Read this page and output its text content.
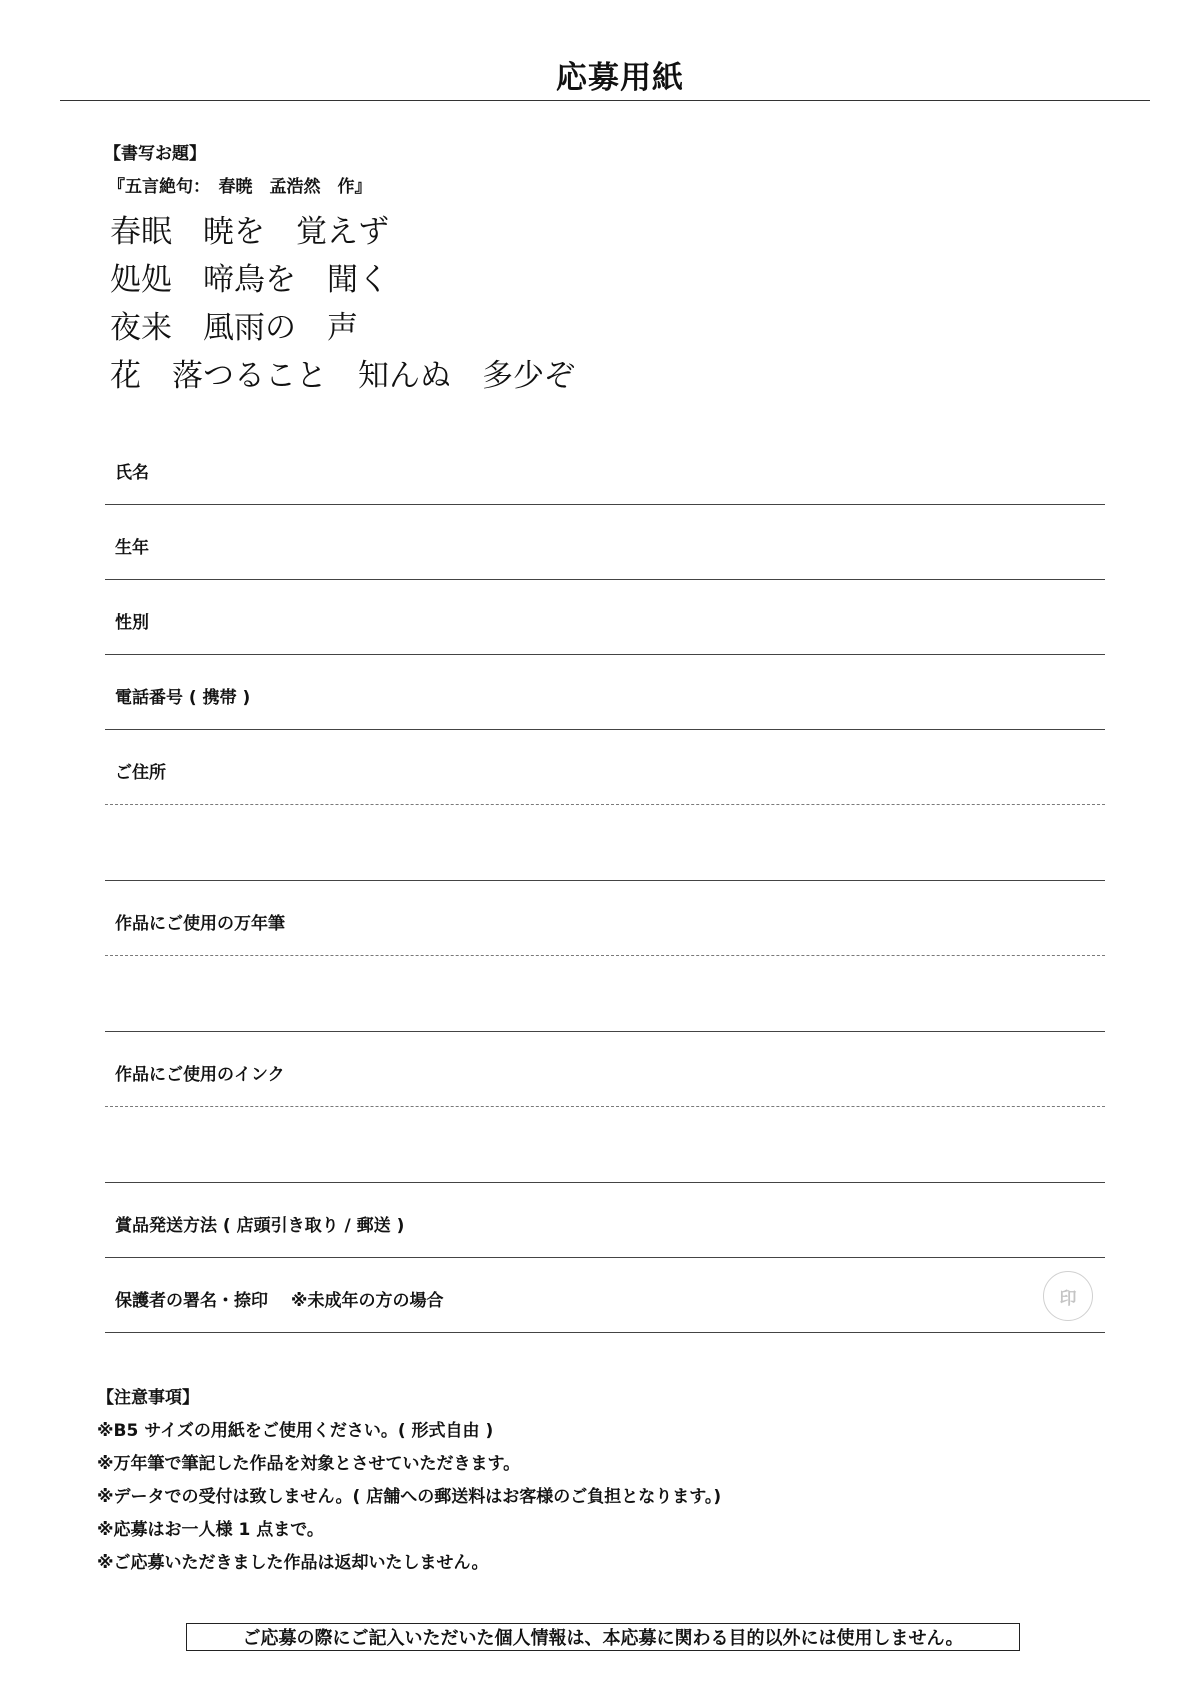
応募用紙
【書写お題】
『五言絶句：　春暁　孟浩然　作』
春眠　暁を　覚えず
処処　啼鳥を　聞く
夜来　風雨の　声
花　落つること　知んぬ　多少ぞ
氏名
生年
性別
電話番号 ( 携帯 )
ご住所
作品にご使用の万年筆
作品にご使用のインク
賞品発送方法 ( 店頭引き取り / 郵送 )
保護者の署名・捺印　 ※未成年の方の場合	印
【注意事項】
※B5 サイズの用紙をご使用ください。( 形式自由 )
※万年筆で筆記した作品を対象とさせていただきます。
※データでの受付は致しません。( 店舗への郵送料はお客様のご負担となります。)
※応募はお一人様 1 点まで。
※ご応募いただきました作品は返却いたしません。
ご応募の際にご記入いただいた個人情報は、本応募に関わる目的以外には使用しません。
